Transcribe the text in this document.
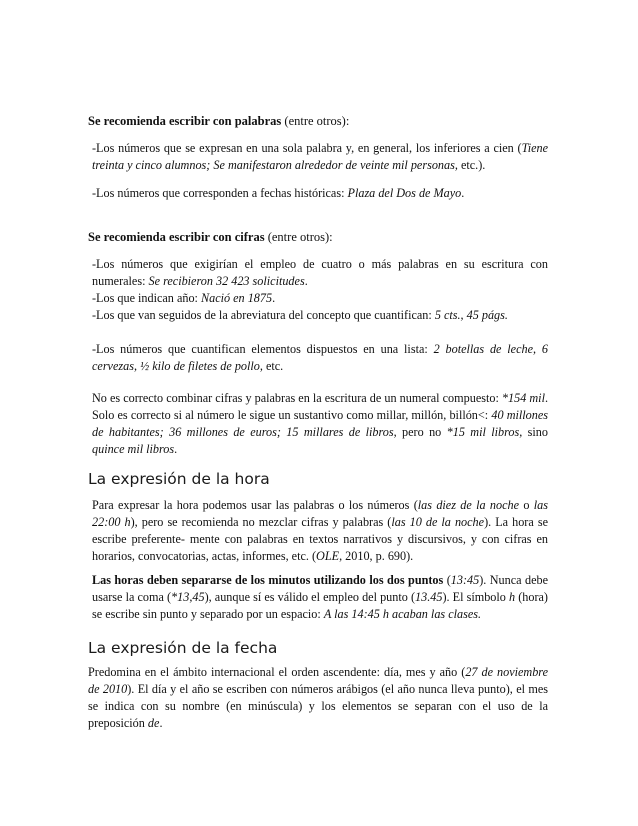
Se recomienda escribir con palabras (entre otros):
-Los números que se expresan en una sola palabra y, en general, los inferiores a cien (Tiene treinta y cinco alumnos; Se manifestaron alrededor de veinte mil personas, etc.).
-Los números que corresponden a fechas históricas: Plaza del Dos de Mayo.
Se recomienda escribir con cifras (entre otros):
-Los números que exigirían el empleo de cuatro o más palabras en su escritura con numerales: Se recibieron 32 423 solicitudes.
-Los que indican año: Nació en 1875.
-Los que van seguidos de la abreviatura del concepto que cuantifican: 5 cts., 45 págs.
-Los números que cuantifican elementos dispuestos en una lista: 2 botellas de leche, 6 cervezas, ½ kilo de filetes de pollo, etc.
No es correcto combinar cifras y palabras en la escritura de un numeral compuesto: *154 mil. Solo es correcto si al número le sigue un sustantivo como millar, millón, billón<: 40 millones de habitantes; 36 millones de euros; 15 millares de libros, pero no *15 mil libros, sino quince mil libros.
La expresión de la hora
Para expresar la hora podemos usar las palabras o los números (las diez de la noche o las 22:00 h), pero se recomienda no mezclar cifras y palabras (las 10 de la noche). La hora se escribe preferente- mente con palabras en textos narrativos y discursivos, y con cifras en horarios, convocatorias, actas, informes, etc. (OLE, 2010, p. 690).
Las horas deben separarse de los minutos utilizando los dos puntos (13:45). Nunca debe usarse la coma (*13,45), aunque sí es válido el empleo del punto (13.45). El símbolo h (hora) se escribe sin punto y separado por un espacio: A las 14:45 h acaban las clases.
La expresión de la fecha
Predomina en el ámbito internacional el orden ascendente: día, mes y año (27 de noviembre de 2010). El día y el año se escriben con números arábigos (el año nunca lleva punto), el mes se indica con su nombre (en minúscula) y los elementos se separan con el uso de la preposición de.
